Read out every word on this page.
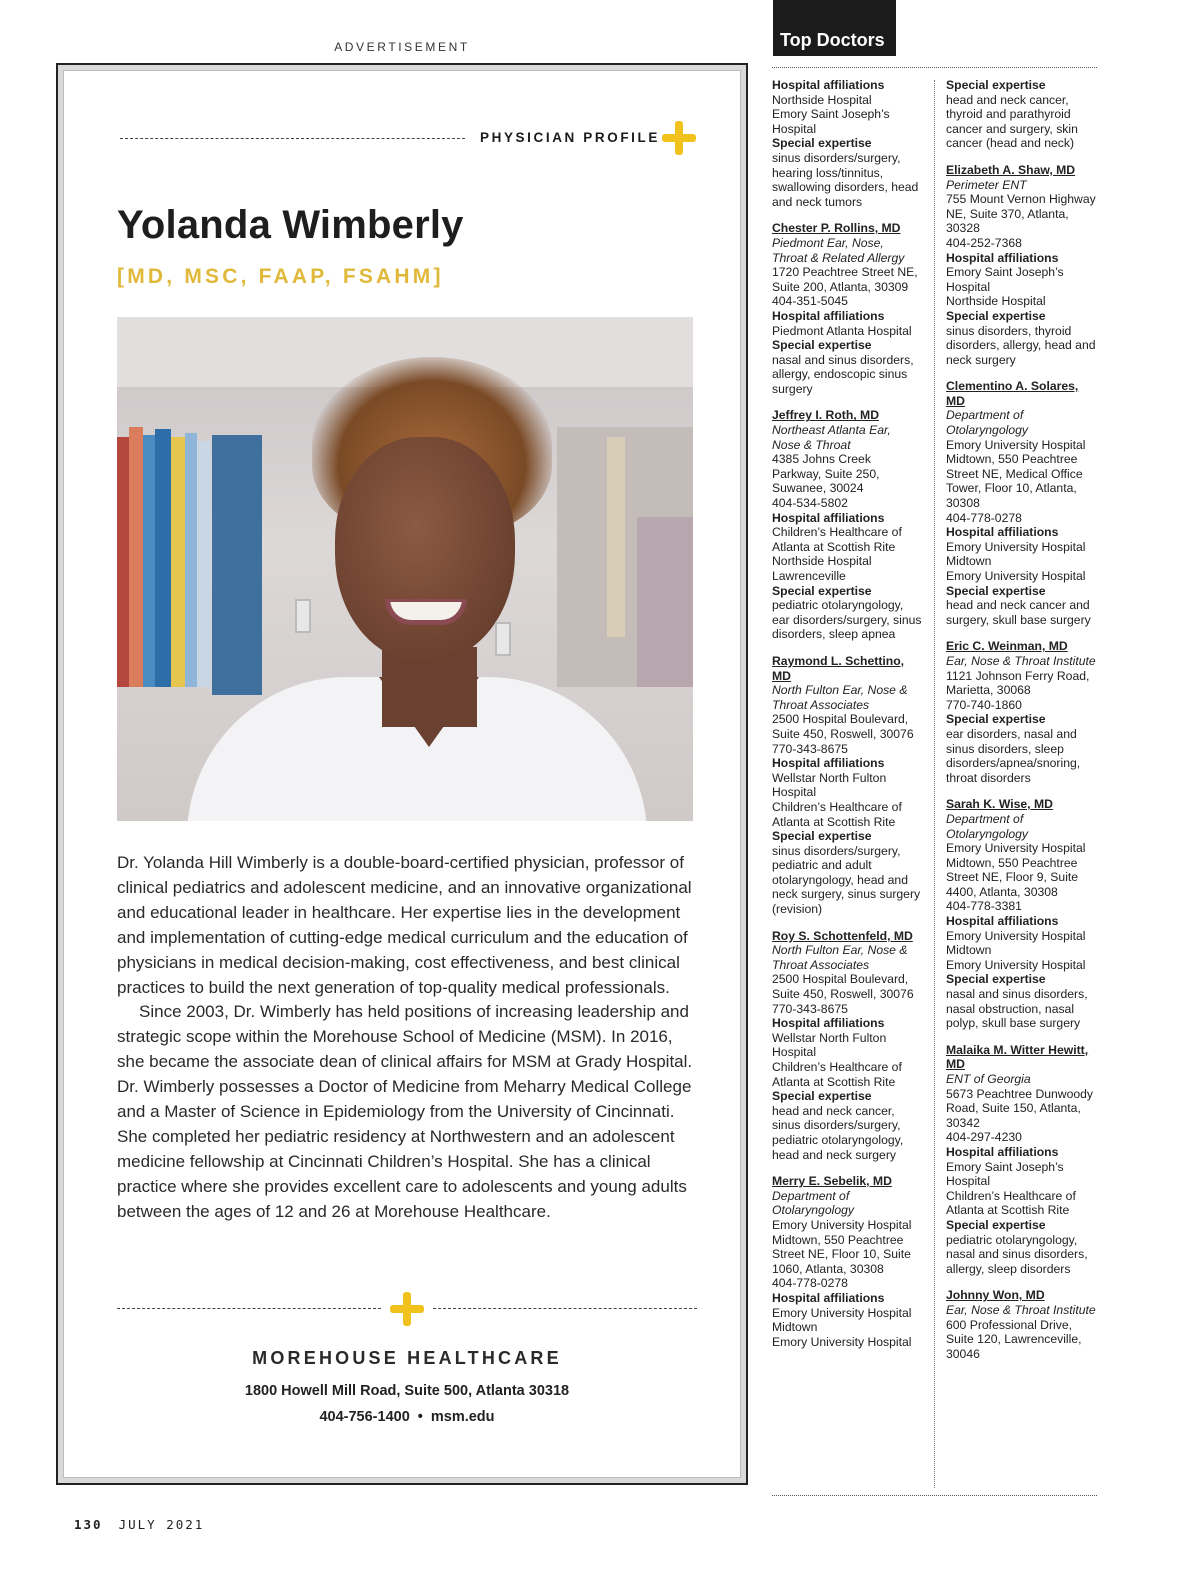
ADVERTISEMENT
PHYSICIAN PROFILE
Yolanda Wimberly
[MD, MSC, FAAP, FSAHM]

Dr. Yolanda Hill Wimberly is a double-board-certified physician, professor of clinical pediatrics and adolescent medicine, and an innovative organizational and educational leader in healthcare. Her expertise lies in the development and implementation of cutting-edge medical curriculum and the education of physicians in medical decision-making, cost effectiveness, and best clinical practices to build the next generation of top-quality medical professionals.

Since 2003, Dr. Wimberly has held positions of increasing leadership and strategic scope within the Morehouse School of Medicine (MSM). In 2016, she became the associate dean of clinical affairs for MSM at Grady Hospital. Dr. Wimberly possesses a Doctor of Medicine from Meharry Medical College and a Master of Science in Epidemiology from the University of Cincinnati. She completed her pediatric residency at Northwestern and an adolescent medicine fellowship at Cincinnati Children’s Hospital. She has a clinical practice where she provides excellent care to adolescents and young adults between the ages of 12 and 26 at Morehouse Healthcare.

MOREHOUSE HEALTHCARE
1800 Howell Mill Road, Suite 500, Atlanta 30318
404-756-1400 • msm.edu
Top Doctors
Hospital affiliations
Northside Hospital
Emory Saint Joseph’s Hospital
Special expertise
sinus disorders/surgery, hearing loss/tinnitus, swallowing disorders, head and neck tumors
Chester P. Rollins, MD
Piedmont Ear, Nose, Throat & Related Allergy
1720 Peachtree Street NE, Suite 200, Atlanta, 30309
404-351-5045
Hospital affiliations
Piedmont Atlanta Hospital
Special expertise
nasal and sinus disorders, allergy, endoscopic sinus surgery
Jeffrey I. Roth, MD
Northeast Atlanta Ear, Nose & Throat
4385 Johns Creek Parkway, Suite 250, Suwanee, 30024
404-534-5802
Hospital affiliations
Children’s Healthcare of Atlanta at Scottish Rite
Northside Hospital Lawrenceville
Special expertise
pediatric otolaryngology, ear disorders/surgery, sinus disorders, sleep apnea
Raymond L. Schettino, MD
North Fulton Ear, Nose & Throat Associates
2500 Hospital Boulevard, Suite 450, Roswell, 30076
770-343-8675
Hospital affiliations
Wellstar North Fulton Hospital
Children’s Healthcare of Atlanta at Scottish Rite
Special expertise
sinus disorders/surgery, pediatric and adult otolaryngology, head and neck surgery, sinus surgery (revision)
Roy S. Schottenfeld, MD
North Fulton Ear, Nose & Throat Associates
2500 Hospital Boulevard, Suite 450, Roswell, 30076
770-343-8675
Hospital affiliations
Wellstar North Fulton Hospital
Children’s Healthcare of Atlanta at Scottish Rite
Special expertise
head and neck cancer, sinus disorders/surgery, pediatric otolaryngology, head and neck surgery
Merry E. Sebelik, MD
Department of Otolaryngology
Emory University Hospital Midtown, 550 Peachtree Street NE, Floor 10, Suite 1060, Atlanta, 30308
404-778-0278
Hospital affiliations
Emory University Hospital Midtown
Emory University Hospital
Special expertise
head and neck cancer, thyroid and parathyroid cancer and surgery, skin cancer (head and neck)
Elizabeth A. Shaw, MD
Perimeter ENT
755 Mount Vernon Highway NE, Suite 370, Atlanta, 30328
404-252-7368
Hospital affiliations
Emory Saint Joseph’s Hospital
Northside Hospital
Special expertise
sinus disorders, thyroid disorders, allergy, head and neck surgery
Clementino A. Solares, MD
Department of Otolaryngology
Emory University Hospital Midtown, 550 Peachtree Street NE, Medical Office Tower, Floor 10, Atlanta, 30308
404-778-0278
Hospital affiliations
Emory University Hospital Midtown
Emory University Hospital
Special expertise
head and neck cancer and surgery, skull base surgery
Eric C. Weinman, MD
Ear, Nose & Throat Institute
1121 Johnson Ferry Road, Marietta, 30068
770-740-1860
Special expertise
ear disorders, nasal and sinus disorders, sleep disorders/apnea/snoring, throat disorders
Sarah K. Wise, MD
Department of Otolaryngology
Emory University Hospital Midtown, 550 Peachtree Street NE, Floor 9, Suite 4400, Atlanta, 30308
404-778-3381
Hospital affiliations
Emory University Hospital Midtown
Emory University Hospital
Special expertise
nasal and sinus disorders, nasal obstruction, nasal polyp, skull base surgery
Malaika M. Witter Hewitt, MD
ENT of Georgia
5673 Peachtree Dunwoody Road, Suite 150, Atlanta, 30342
404-297-4230
Hospital affiliations
Emory Saint Joseph’s Hospital
Children’s Healthcare of Atlanta at Scottish Rite
Special expertise
pediatric otolaryngology, nasal and sinus disorders, allergy, sleep disorders
Johnny Won, MD
Ear, Nose & Throat Institute
600 Professional Drive, Suite 120, Lawrenceville, 30046
130 JULY 2021
